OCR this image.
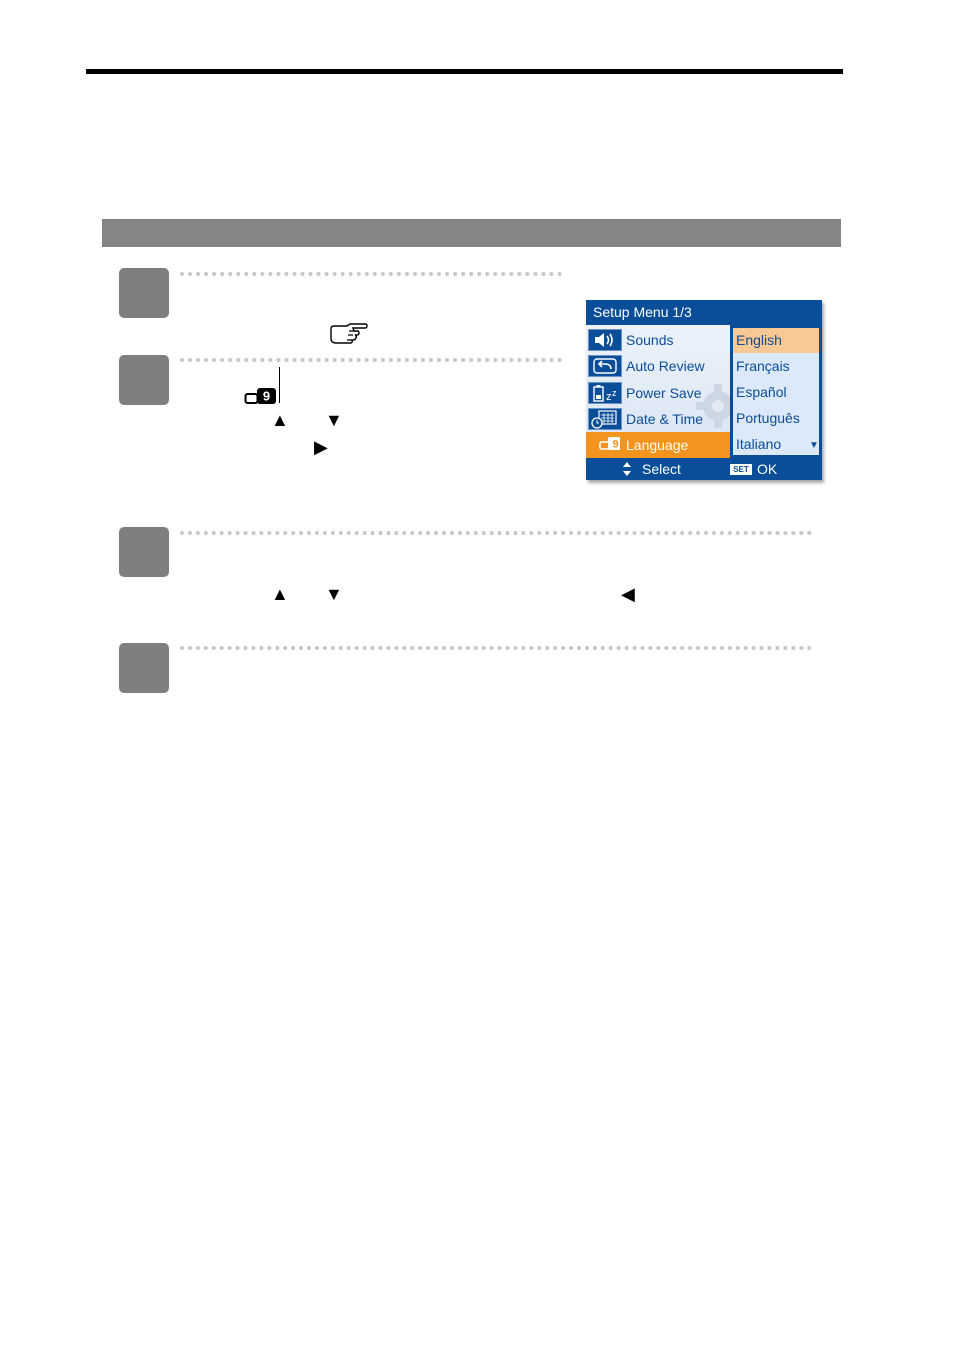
9
▲ ▼
▶
Setup Menu 1/3
Sounds
Auto Review
z z Power Save
Date & Time
9 Language
English
Français
Español
Português
Italiano	▼
Select	SET OK
▲ ▼	◀
